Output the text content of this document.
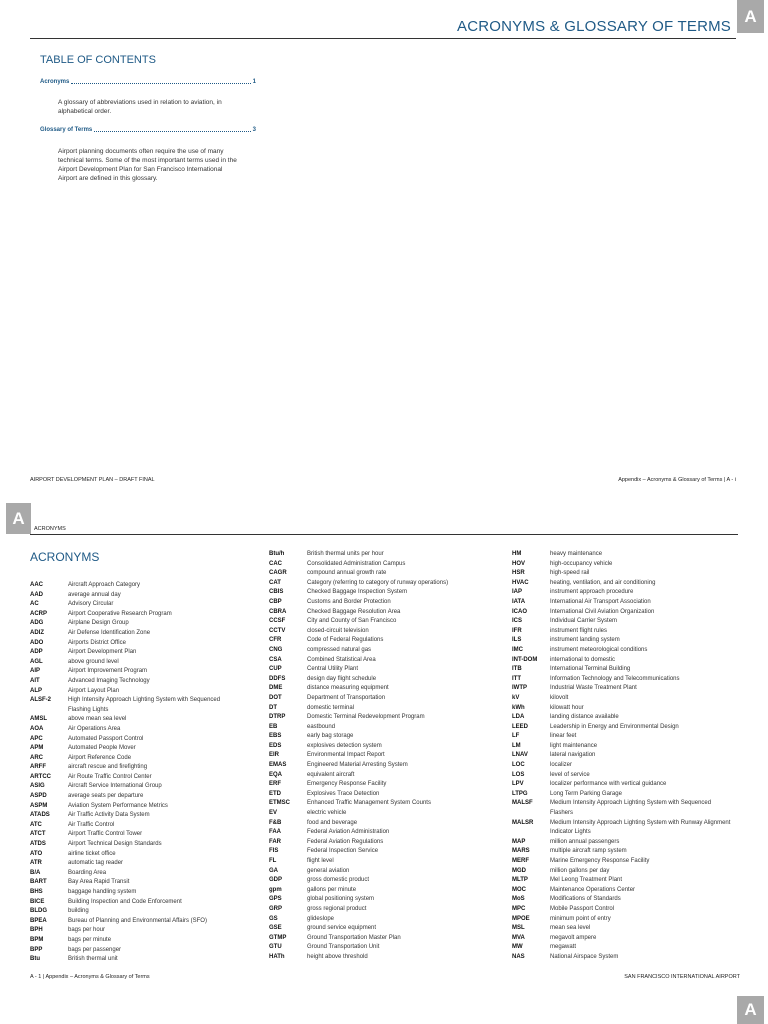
ACRONYMS & GLOSSARY OF TERMS
A
TABLE OF CONTENTS
Acronyms	1
A glossary of abbreviations used in relation to aviation, in alphabetical order.
Glossary of Terms	3
Airport planning documents often require the use of many technical terms. Some of the most important terms used in the Airport Development Plan for San Francisco International Airport are defined in this glossary.
AIRPORT DEVELOPMENT PLAN – DRAFT FINAL	Appendix – Acronyms & Glossary of Terms | A - i
A
ACRONYMS
ACRONYMS
AAC	Aircraft Approach Category
AAD	average annual day
AC	Advisory Circular
ACRP	Airport Cooperative Research Program
ADG	Airplane Design Group
ADIZ	Air Defense Identification Zone
ADO	Airports District Office
ADP	Airport Development Plan
AGL	above ground level
AIP	Airport Improvement Program
AIT	Advanced Imaging Technology
ALP	Airport Layout Plan
ALSF-2	High Intensity Approach Lighting System with Sequenced Flashing Lights
AMSL	above mean sea level
AOA	Air Operations Area
APC	Automated Passport Control
APM	Automated People Mover
ARC	Airport Reference Code
ARFF	aircraft rescue and firefighting
ARTCC	Air Route Traffic Control Center
ASIG	Aircraft Service International Group
ASPD	average seats per departure
ASPM	Aviation System Performance Metrics
ATADS	Air Traffic Activity Data System
ATC	Air Traffic Control
ATCT	Airport Traffic Control Tower
ATDS	Airport Technical Design Standards
ATO	airline ticket office
ATR	automatic tag reader
B/A	Boarding Area
BART	Bay Area Rapid Transit
BHS	baggage handling system
BICE	Building Inspection and Code Enforcement
BLDG	building
BPEA	Bureau of Planning and Environmental Affairs (SFO)
BPH	bags per hour
BPM	bags per minute
BPP	bags per passenger
Btu	British thermal unit
Btu/h	British thermal units per hour
CAC	Consolidated Administration Campus
CAGR	compound annual growth rate
CAT	Category (referring to category of runway operations)
CBIS	Checked Baggage Inspection System
CBP	Customs and Border Protection
CBRA	Checked Baggage Resolution Area
CCSF	City and County of San Francisco
CCTV	closed-circuit television
CFR	Code of Federal Regulations
CNG	compressed natural gas
CSA	Combined Statistical Area
CUP	Central Utility Plant
DDFS	design day flight schedule
DME	distance measuring equipment
DOT	Department of Transportation
DT	domestic terminal
DTRP	Domestic Terminal Redevelopment Program
EB	eastbound
EBS	early bag storage
EDS	explosives detection system
EIR	Environmental Impact Report
EMAS	Engineered Material Arresting System
EQA	equivalent aircraft
ERF	Emergency Response Facility
ETD	Explosives Trace Detection
ETMSC	Enhanced Traffic Management System Counts
EV	electric vehicle
F&B	food and beverage
FAA	Federal Aviation Administration
FAR	Federal Aviation Regulations
FIS	Federal Inspection Service
FL	flight level
GA	general aviation
GDP	gross domestic product
gpm	gallons per minute
GPS	global positioning system
GRP	gross regional product
GS	glideslope
GSE	ground service equipment
GTMP	Ground Transportation Master Plan
GTU	Ground Transportation Unit
HATh	height above threshold
HM	heavy maintenance
HOV	high-occupancy vehicle
HSR	high-speed rail
HVAC	heating, ventilation, and air conditioning
IAP	instrument approach procedure
IATA	International Air Transport Association
ICAO	International Civil Aviation Organization
ICS	Individual Carrier System
IFR	instrument flight rules
ILS	instrument landing system
IMC	instrument meteorological conditions
INT-DOM	international to domestic
ITB	International Terminal Building
ITT	Information Technology and Telecommunications
IWTP	Industrial Waste Treatment Plant
kV	kilovolt
kWh	kilowatt hour
LDA	landing distance available
LEED	Leadership in Energy and Environmental Design
LF	linear feet
LM	light maintenance
LNAV	lateral navigation
LOC	localizer
LOS	level of service
LPV	localizer performance with vertical guidance
LTPG	Long Term Parking Garage
MALSF	Medium Intensity Approach Lighting System with Sequenced Flashers
MALSR	Medium Intensity Approach Lighting System with Runway Alignment Indicator Lights
MAP	million annual passengers
MARS	multiple aircraft ramp system
MERF	Marine Emergency Response Facility
MGD	million gallons per day
MLTP	Mel Leong Treatment Plant
MOC	Maintenance Operations Center
MoS	Modifications of Standards
MPC	Mobile Passport Control
MPOE	minimum point of entry
MSL	mean sea level
MVA	megavolt ampere
MW	megawatt
NAS	National Airspace System
A - 1 | Appendix – Acronyms & Glossary of Terms	SAN FRANCISCO INTERNATIONAL AIRPORT
A
